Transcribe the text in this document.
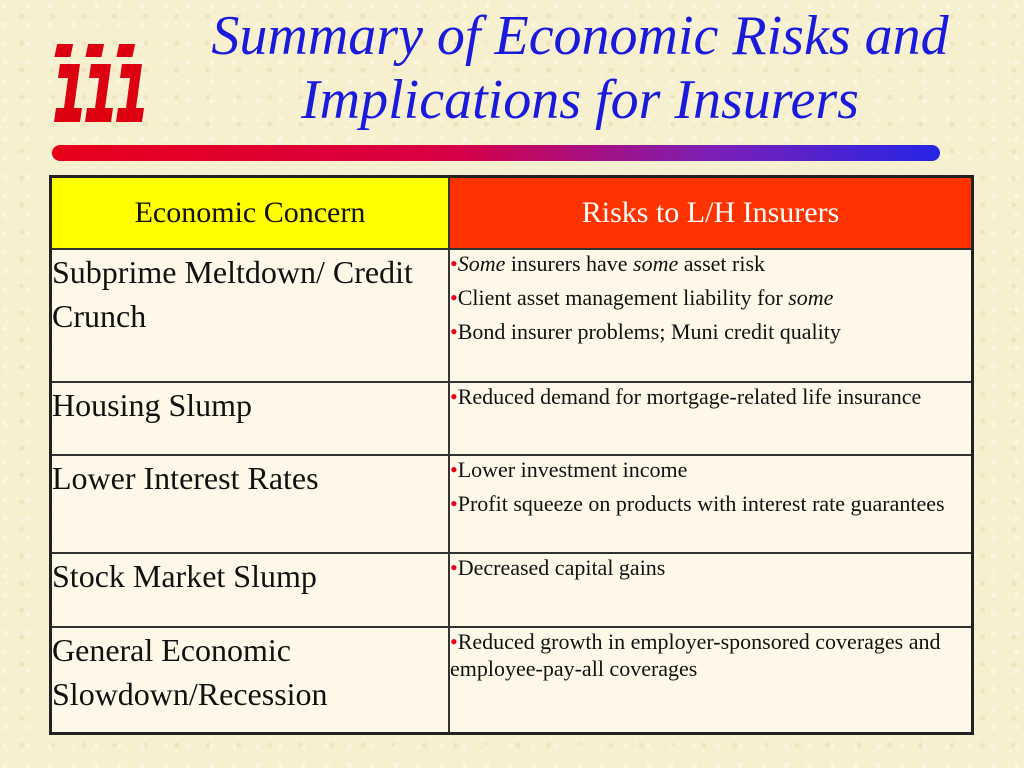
Summary of Economic Risks and
Implications for Insurers
Economic Concern	Risks to L/H Insurers
Subprime Meltdown/ Credit Crunch	•Some insurers have some asset risk
•Client asset management liability for some
•Bond insurer problems; Muni credit quality

Housing Slump	•Reduced demand for mortgage-related life insurance

Lower Interest Rates	•Lower investment income
•Profit squeeze on products with interest rate guarantees

Stock Market Slump	•Decreased capital gains

General Economic Slowdown/Recession	•Reduced growth in employer-sponsored coverages and employee-pay-all coverages
